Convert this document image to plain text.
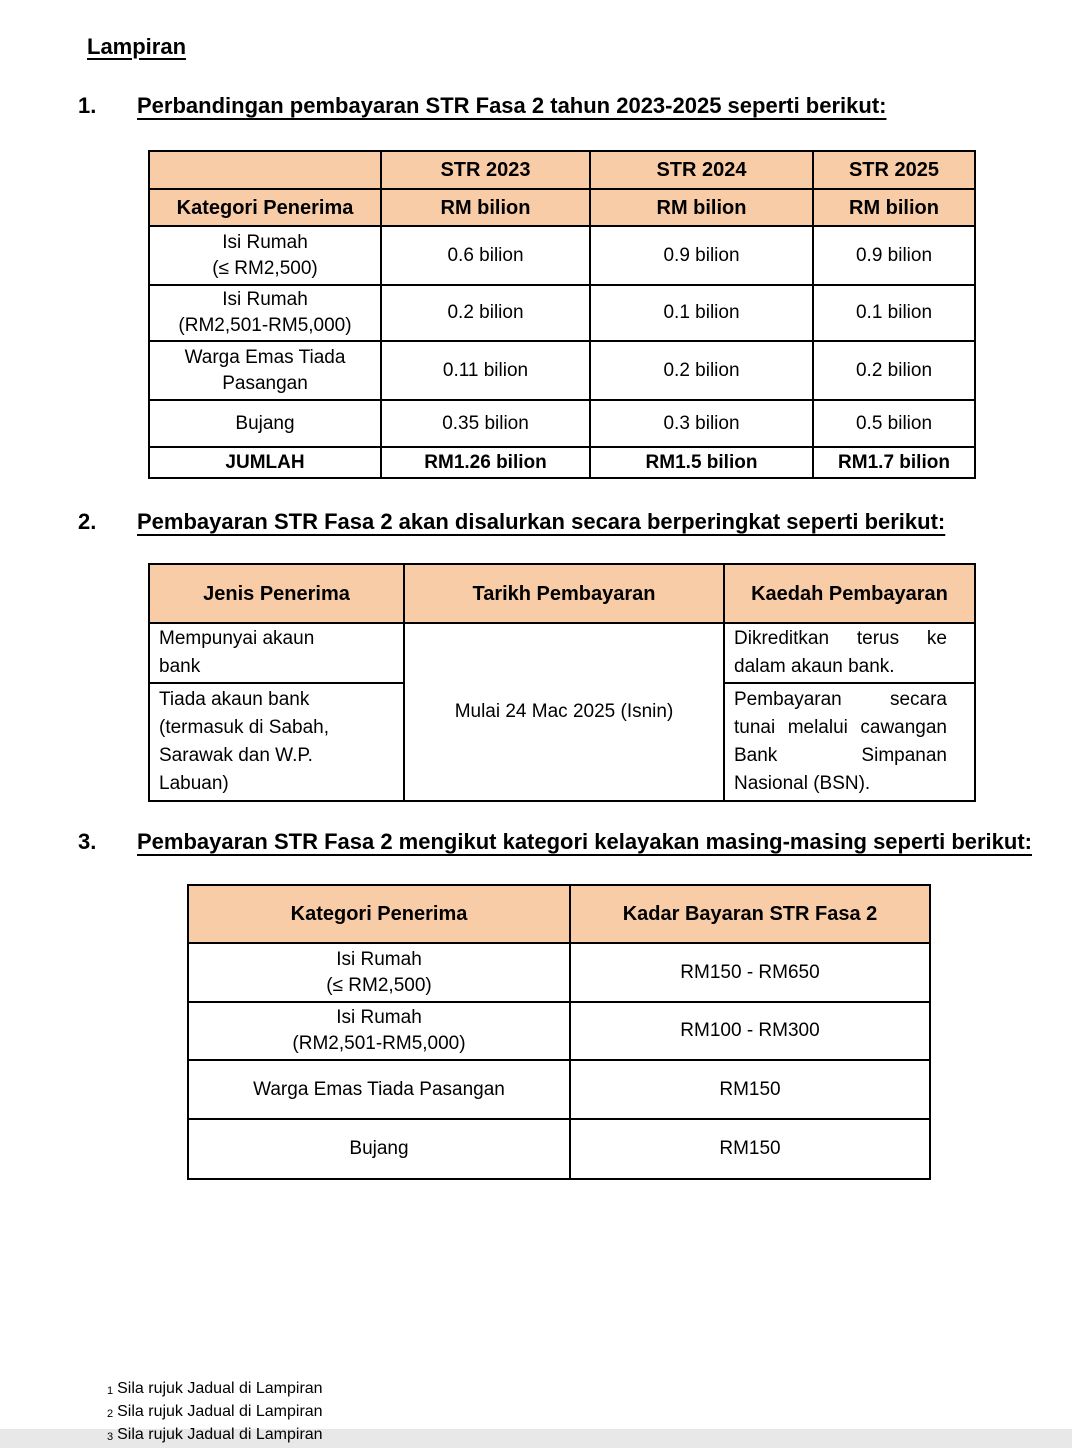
Lampiran
1.	Perbandingan pembayaran STR Fasa 2 tahun 2023-2025 seperti berikut:
	STR 2023	STR 2024	STR 2025
Kategori Penerima	RM bilion	RM bilion	RM bilion

Isi Rumah
(≤ RM2,500)	0.6 bilion	0.9 bilion	0.9 bilion

Isi Rumah
(RM2,501-RM5,000)	0.2 bilion	0.1 bilion	0.1 bilion

Warga Emas Tiada
Pasangan	0.11 bilion	0.2 bilion	0.2 bilion
Bujang	0.35 bilion	0.3 bilion	0.5 bilion
JUMLAH	RM1.26 bilion	RM1.5 bilion	RM1.7 bilion
2.	Pembayaran STR Fasa 2 akan disalurkan secara berperingkat seperti berikut:
Jenis Penerima	Tarikh Pembayaran	Kaedah Pembayaran

Mempunyai akaun bank	Mulai 24 Mac 2025 (Isnin)	Dikreditkan terus ke dalam akaun bank.

Tiada akaun bank (termasuk di Sabah, Sarawak dan W.P. Labuan)		Pembayaran secara tunai melalui cawangan Bank Simpanan Nasional (BSN).
3.	Pembayaran STR Fasa 2 mengikut kategori kelayakan masing-masing seperti berikut:
Kategori Penerima	Kadar Bayaran STR Fasa 2

Isi Rumah
(≤ RM2,500)	RM150 - RM650

Isi Rumah
(RM2,501-RM5,000)	RM100 - RM300
Warga Emas Tiada Pasangan	RM150
Bujang	RM150
1 Sila rujuk Jadual di Lampiran
2 Sila rujuk Jadual di Lampiran
3 Sila rujuk Jadual di Lampiran
